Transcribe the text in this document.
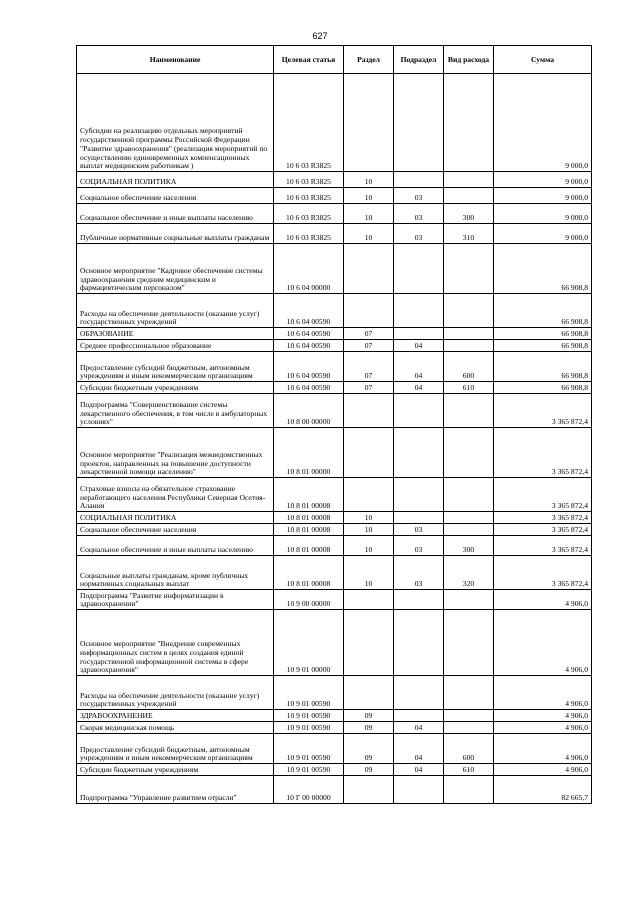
627
Наименование	Целевая статья	Раздел	Подраздел	Вид расхода	Сумма
Субсидии на реализацию отдельных мероприятий государственной программы Российской Федерации "Развитие здравоохранения" (реализация мероприятий по осуществлению единовременных компенсационных выплат медицинским работникам )	10 6 03 R3825				9 000,0
СОЦИАЛЬНАЯ ПОЛИТИКА	10 6 03 R3825	10			9 000,0
Социальное обеспечение населения	10 6 03 R3825	10	03		9 000,0
Социальное обеспечение и иные выплаты населению	10 6 03 R3825	10	03	300	9 000,0
Публичные нормативные социальные выплаты гражданам	10 6 03 R3825	10	03	310	9 000,0
Основное мероприятие "Кадровое обеспечение системы здравоохранения средним медицинским и фармацевтическим персоналом"	10 6 04 00000				66 908,8
Расходы на обеспечение деятельности (оказание услуг) государственных учреждений	10 6 04 00590				66 908,8
ОБРАЗОВАНИЕ	10 6 04 00590	07			66 908,8
Среднее профессиональное образование	10 6 04 00590	07	04		66 908,8
Предоставление субсидий бюджетным, автономным учреждениям и иным некоммерческим организациям	10 6 04 00590	07	04	600	66 908,8
Субсидии бюджетным учреждениям	10 6 04 00590	07	04	610	66 908,8
Подпрограмма "Совершенствование системы лекарственного обеспечения, в том числе в амбулаторных условиях"	10 8 00 00000				3 365 872,4
Основное мероприятие "Реализация межведомственных проектов, направленных на повышение доступности лекарственной помощи населению"	10 8 01 00000				3 365 872,4
Страховые взносы на обязательное страхование неработающего населения Республики Северная Осетия-Алания	10 8 01 00008				3 365 872,4
СОЦИАЛЬНАЯ ПОЛИТИКА	10 8 01 00008	10			3 365 872,4
Социальное обеспечение населения	10 8 01 00008	10	03		3 365 872,4
Социальное обеспечение и иные выплаты населению	10 8 01 00008	10	03	300	3 365 872,4
Социальные выплаты гражданам, кроме публичных нормативных социальных выплат	10 8 01 00008	10	03	320	3 365 872,4
Подпрограмма "Развитие информатизации в здравоохранении"	10 9 00 00000				4 906,0
Основное мероприятие "Внедрение современных информационных систем в целях создания единой государственной информационной системы в сфере здравоохранения"	10 9 01 00000				4 906,0
Расходы на обеспечение деятельности (оказание услуг) государственных учреждений	10 9 01 00590				4 906,0
ЗДРАВООХРАНЕНИЕ	10 9 01 00590	09			4 906,0
Скорая медицинская помощь	10 9 01 00590	09	04		4 906,0
Предоставление субсидий бюджетным, автономным учреждениям и иным некоммерческим организациям	10 9 01 00590	09	04	600	4 906,0
Субсидии бюджетным учреждениям	10 9 01 00590	09	04	610	4 906,0
Подпрограмма "Управление развитием отрасли"	10 Г 00 00000				82 665,7
